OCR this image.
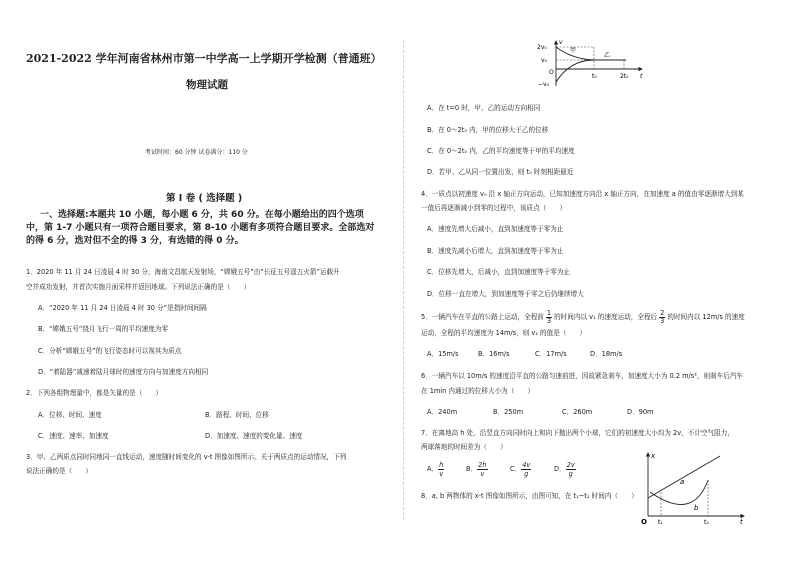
2021-2022 学年河南省林州市第一中学高一上学期开学检测（普通班）
物理试题
考试时间：60 分钟 试卷满分：110 分
第 I 卷 ( 选择题 )
一、选择题:本题共 10 小题，每小题 6 分，共 60 分。在每小题给出的四个选项中，第 1-7 小题只有一项符合题目要求，第 8-10 小题有多项符合题目要求。全部选对的得 6 分，选对但不全的得 3 分，有选错的得 0 分。
1．2020 年 11 月 24 日凌晨 4 时 30 分，海南文昌航天发射场，“嫦娥五号”由“长征五号遥五火箭”运载升
空并成功发射，并首次实施月面采样并返回地球。下列说法正确的是（　　）
A．“2020 年 11 月 24 日凌晨 4 时 30 分”是指时间间隔
B．“嫦娥五号”绕月飞行一周的平均速度为零
C．分析“嫦娥五号”的飞行姿态时可以视其为质点
D．“着陆器”减速着陆月球时的速度方向与加速度方向相同
2．下列各组物理量中，都是矢量的是（　　）
A．位移、时间、速度	B．路程、时间、位移
C．速度、速率、加速度	D．加速度、速度的变化量、速度
3．甲、乙两质点同时同地同一直线运动，速度随时间变化的 v-t 图像如图所示。关于两质点的运动情况，下列
说法正确的是（　　）
2v₀
v₀
O
−v₀
v
t
t₀	2t₀
甲
乙
A．在 t=0 时，甲、乙的运动方向相同
B．在 0～2t₀ 内，甲的位移大于乙的位移
C．在 0～2t₀ 内，乙的平均速度等于甲的平均速度
D．若甲、乙从同一位置出发，则 t₀ 时刻相距最近
4．一质点以初速度 v₀ 沿 x 轴正方向运动，已知加速度方向沿 x 轴正方向，在加速度 a 的值由零逐渐增大到某
一值后再逐渐减小到零的过程中，该质点（　　）
A．速度先增大后减小，直到加速度等于零为止
B．速度先减小后增大，直到加速度等于零为止
C．位移先增大，后减小，直到加速度等于零为止
D．位移一直在增大，到加速度等于零之后仍继续增大
5．一辆汽车在平直的公路上运动，全程前 $\frac{1}{3}$ 的时间内以 v₁ 的速度运动，全程后 $\frac{2}{3}$ 的时间内以 12m/s 的速度
运动，全程的平均速度为 14m/s，则 v₁ 的值是（　　）
A．15m/s	B．16m/s	C．17m/s	D．18m/s
6．一辆汽车以 10m/s 的速度沿平直的公路匀速前进，因故紧急刹车，加速度大小为 0.2 m/s²，则刹车后汽车
在 1min 内通过的位移大小为（　　）
A．240m	B．250m	C．260m	D．90m
7．在离地高 h 处，沿竖直方向同时向上和向下抛出两个小球，它们的初速度大小均为 2v，不计空气阻力，
两球落地的时间差为（　　）
A． $\frac{h}{v}$	B． $\frac{2h}{v}$	C． $\frac{4v}{g}$	D． $\frac{2v}{g}$
8．a, b 两物体的 x-t 图像如图所示，由图可知，在 t₁~t₂ 时间内（　　）
x
t
O
a
b
t₁	t₂
